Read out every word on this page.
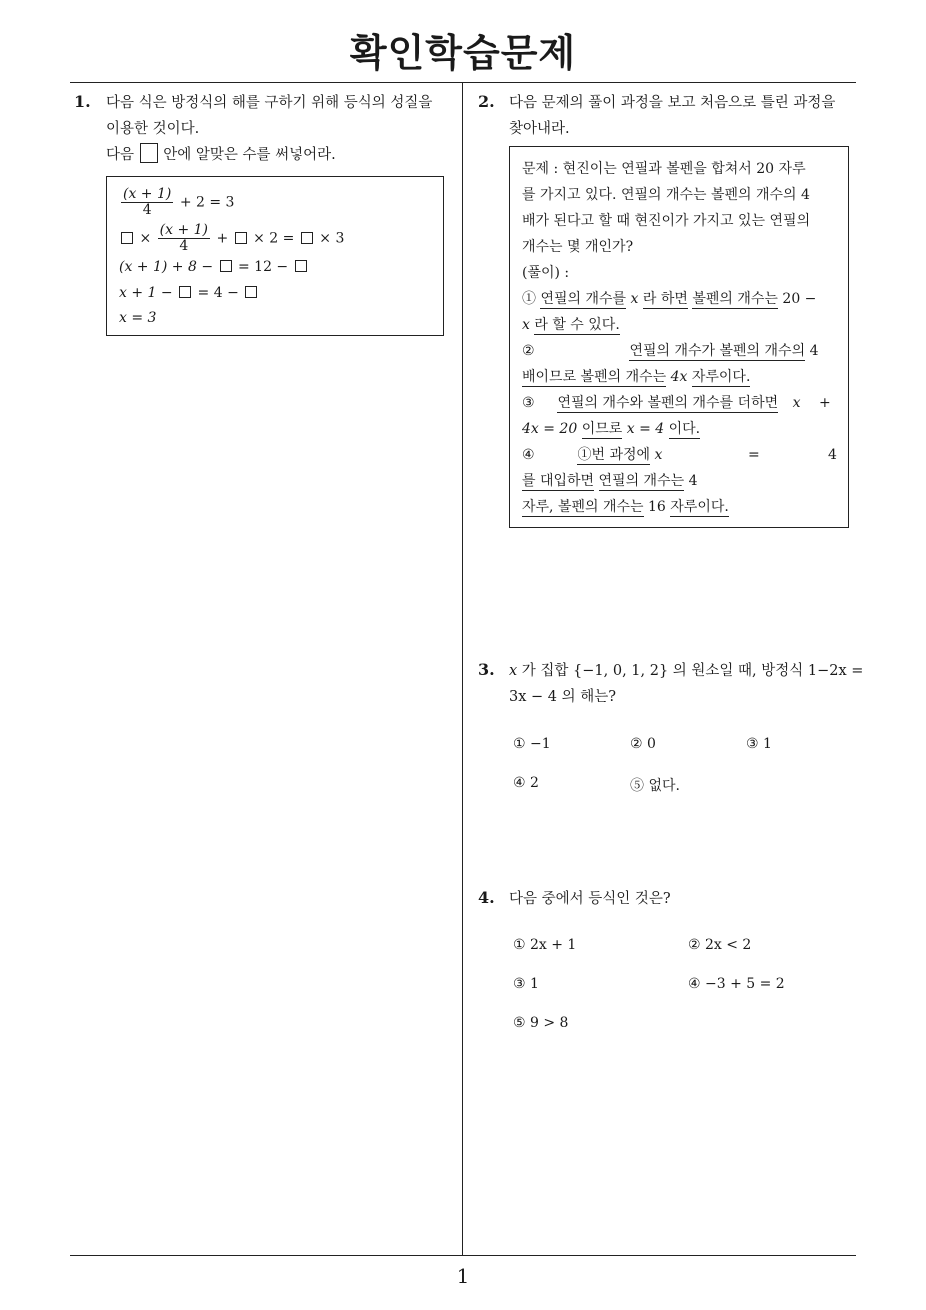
확인학습문제
1
1. 다음 식은 방정식의 해를 구하기 위해 등식의 성질을
이용한 것이다.
다음 안에 알맞은 수를 써넣어라.
$\frac{(x + 1)}{4} + 2 = 3$
× $\frac{(x + 1)}{4}$ + × 2 = × 3
(x + 1) + 8 − = 12 −
x + 1 − = 4 −
x = 3
2. 다음 문제의 풀이 과정을 보고 처음으로 틀린 과정을
찾아내라.
문제 : 현진이는 연필과 볼펜을 합쳐서 20 자루
를 가지고 있다. 연필의 개수는 볼펜의 개수의 4
배가 된다고 할 때 현진이가 가지고 있는 연필의
개수는 몇 개인가?
(풀이) :
① 연필의 개수를 x 라 하면 볼펜의 개수는 20 −
x 라 할 수 있다.
②	연필의 개수가 볼펜의 개수의 4
배이므로 볼펜의 개수는 4x 자루이다.
③ 연필의 개수와 볼펜의 개수를 더하면 x +
4x = 20 이므로 x = 4 이다.
④	①번 과정에 x	=	4
를 대입하면 연필의 개수는 4
자루, 볼펜의 개수는 16 자루이다.
3. x 가 집합 {−1, 0, 1, 2} 의 원소일 때, 방정식 1−2x =
3x − 4 의 해는?
① −1	② 0	③ 1
④ 2	⑤ 없다.
4. 다음 중에서 등식인 것은?
① 2x + 1	② 2x < 2
③ 1	④ −3 + 5 = 2
⑤ 9 > 8
